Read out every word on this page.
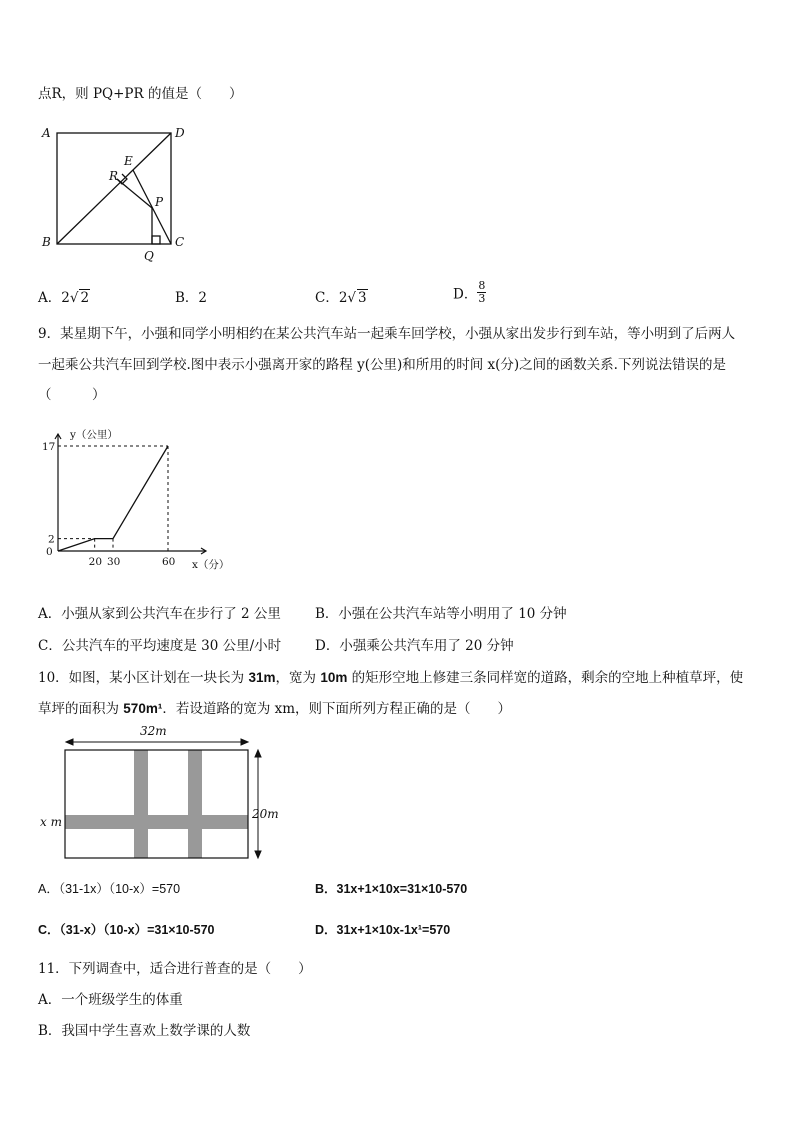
点R，则 PQ+PR 的值是（　　）
A	D
B	C
E
R
P
Q
A．2√ 2	B．2	C．2√ 3	D． $\frac{8}{3}$
9．某星期下午，小强和同学小明相约在某公共汽车站一起乘车回学校，小强从家出发步行到车站，等小明到了后两人
一起乘公共汽车回到学校.图中表示小强离开家的路程 y(公里)和所用的时间 x(分)之间的函数关系.下列说法错误的是
（　　　）
0
20 30	60
2
17
y（公里）
x（分）
A．小强从家到公共汽车在步行了 2 公里	B．小强在公共汽车站等小明用了 10 分钟
C．公共汽车的平均速度是 30 公里/小时	D．小强乘公共汽车用了 20 分钟
10．如图，某小区计划在一块长为 31m，宽为 10m 的矩形空地上修建三条同样宽的道路，剩余的空地上种植草坪，使
草坪的面积为 570m¹．若设道路的宽为 xm，则下面所列方程正确的是（　　）
32m
20m
x m
A．（31-1x）（10-x）=570	B．31x+1×10x=31×10-570
C．（31-x）（10-x）=31×10-570	D．31x+1×10x-1x¹=570
11．下列调查中，适合进行普查的是（　　）
A．一个班级学生的体重
B．我国中学生喜欢上数学课的人数
